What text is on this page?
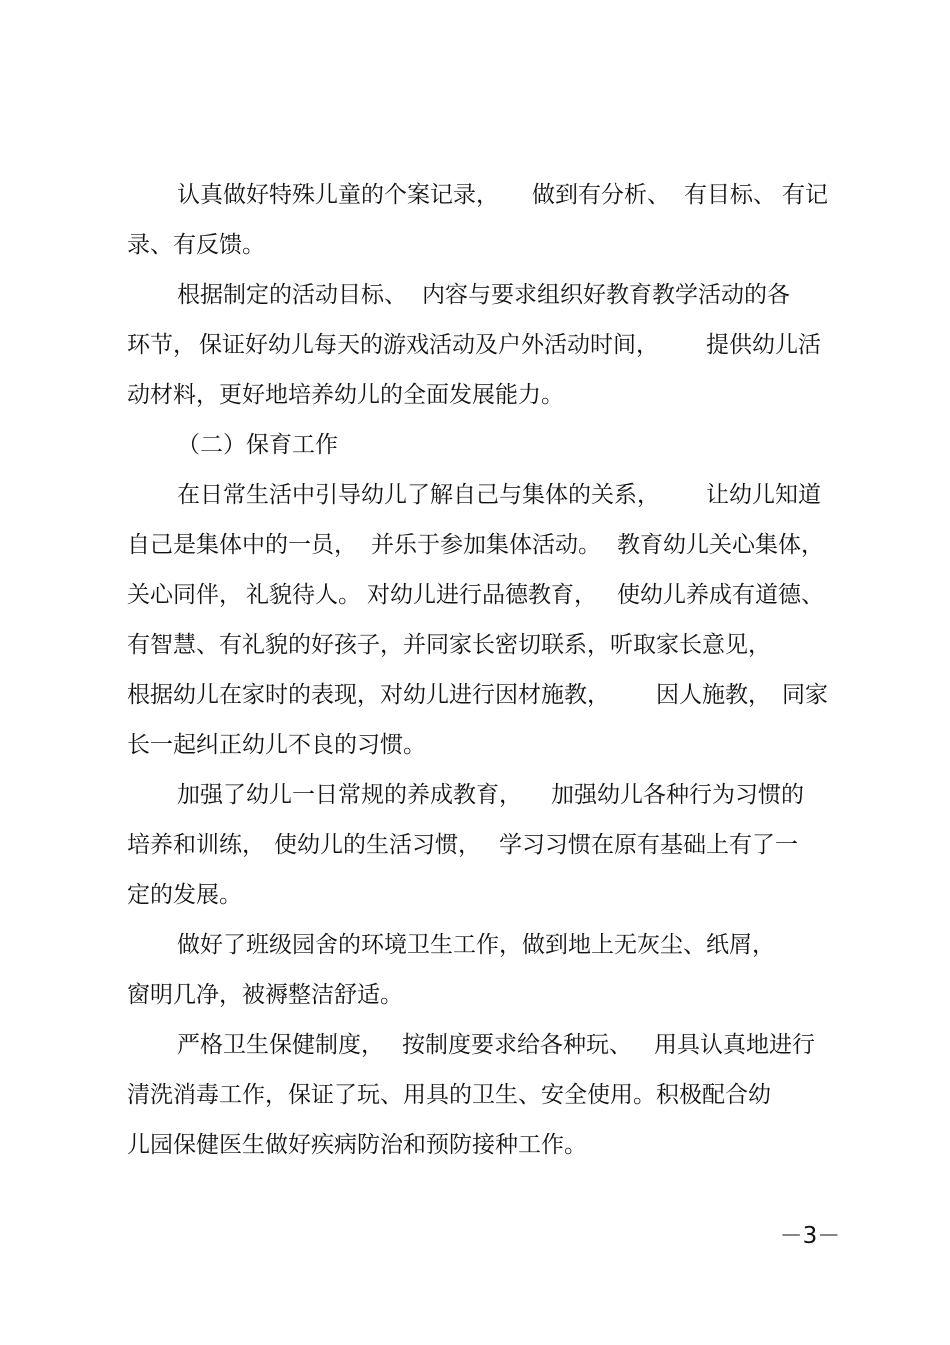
认真做好特殊儿童的个案记录，

做到有分析、

有目标、

有记

录、有反馈。

根据制定的活动目标、

内容与要求组织好教育教学活动的各

环节，

保证好幼儿每天的游戏活动及户外活动时间，

提供幼儿活

动材料，更好地培养幼儿的全面发展能力。

（二）保育工作

在日常生活中引导幼儿了解自己与集体的关系，

让幼儿知道

自己是集体中的一员，

并乐于参加集体活动。

教育幼儿关心集体，

关心同伴，

礼貌待人。

对幼儿进行品德教育，

使幼儿养成有道德、

有智慧、有礼貌的好孩子，并同家长密切联系，听取家长意见，

根据幼儿在家时的表现，对幼儿进行因材施教，

因人施教，

同家

长一起纠正幼儿不良的习惯。

加强了幼儿一日常规的养成教育，

加强幼儿各种行为习惯的

培养和训练，

使幼儿的生活习惯，

学习习惯在原有基础上有了一

定的发展。

做好了班级园舍的环境卫生工作，做到地上无灰尘、纸屑，

窗明几净，被褥整洁舒适。

严格卫生保健制度，

按制度要求给各种玩、

用具认真地进行

清洗消毒工作，保证了玩、用具的卫生、安全使用。积极配合幼

儿园保健医生做好疾病防治和预防接种工作。

－3－
